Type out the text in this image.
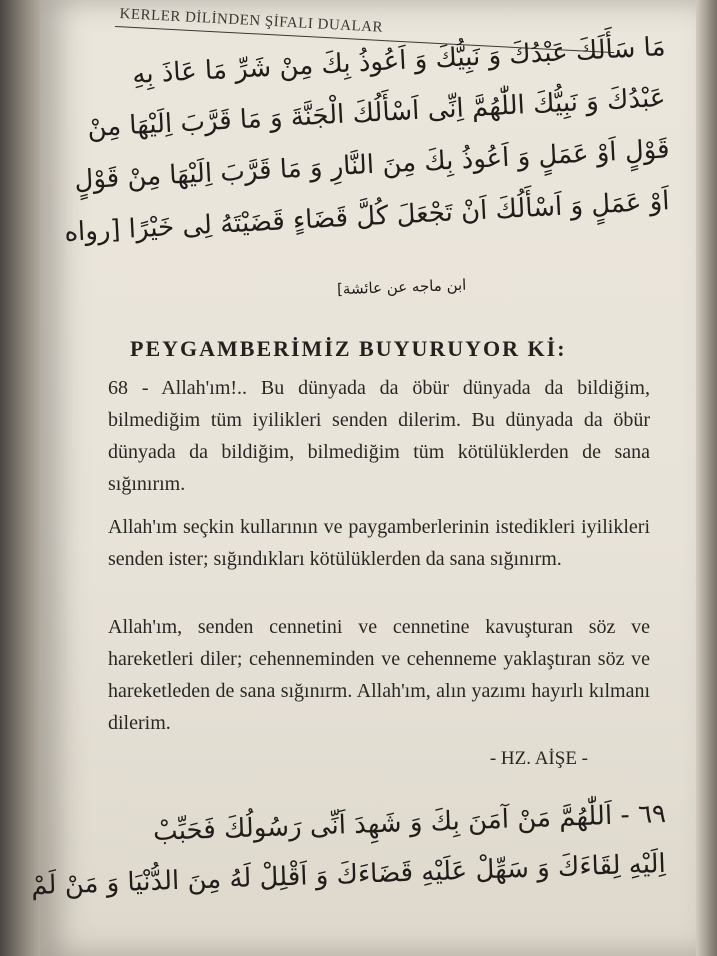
KERLER DİLİNDEN ŞİFALI DUALAR
مَا سَأَلَكَ عَبْدُكَ وَ نَبِيُّكَ وَ اَعُوذُ بِكَ مِنْ شَرِّ مَا عَاذَ بِهِ
عَبْدُكَ وَ نَبِيُّكَ اللّٰهُمَّ اِنِّى اَسْأَلُكَ الْجَنَّةَ وَ مَا قَرَّبَ اِلَيْهَا مِنْ
قَوْلٍ اَوْ عَمَلٍ وَ اَعُوذُ بِكَ مِنَ النَّارِ وَ مَا قَرَّبَ اِلَيْهَا مِنْ قَوْلٍ
اَوْ عَمَلٍ وَ اَسْأَلُكَ اَنْ تَجْعَلَ كُلَّ قَضَاءٍ قَضَيْتَهُ لِى خَيْرًا [رواه
ابن ماجه عن عائشة]
PEYGAMBERİMİZ BUYURUYOR Kİ:
68 - Allah'ım!.. Bu dünyada da öbür dünyada da bildiğim, bilmediğim tüm iyilikleri senden dilerim. Bu dünyada da öbür dünyada da bildiğim, bilmediğim tüm kötülüklerden de sana sığınırım.
Allah'ım seçkin kullarının ve paygamberlerinin istedikleri iyilikleri senden ister; sığındıkları kötülüklerden da sana sığınırm.
Allah'ım, senden cennetini ve cennetine kavuşturan söz ve hareketleri diler; cehenneminden ve cehenneme yaklaştıran söz ve hareketleden de sana sığınırm. Allah'ım, alın yazımı hayırlı kılmanı dilerim.
- HZ. AİŞE -
٦٩ - اَللّٰهُمَّ مَنْ آمَنَ بِكَ وَ شَهِدَ اَنِّى رَسُولُكَ فَحَبِّبْ
اِلَيْهِ لِقَاءَكَ وَ سَهِّلْ عَلَيْهِ قَضَاءَكَ وَ اَقْلِلْ لَهُ مِنَ الدُّنْيَا وَ مَنْ لَمْ
